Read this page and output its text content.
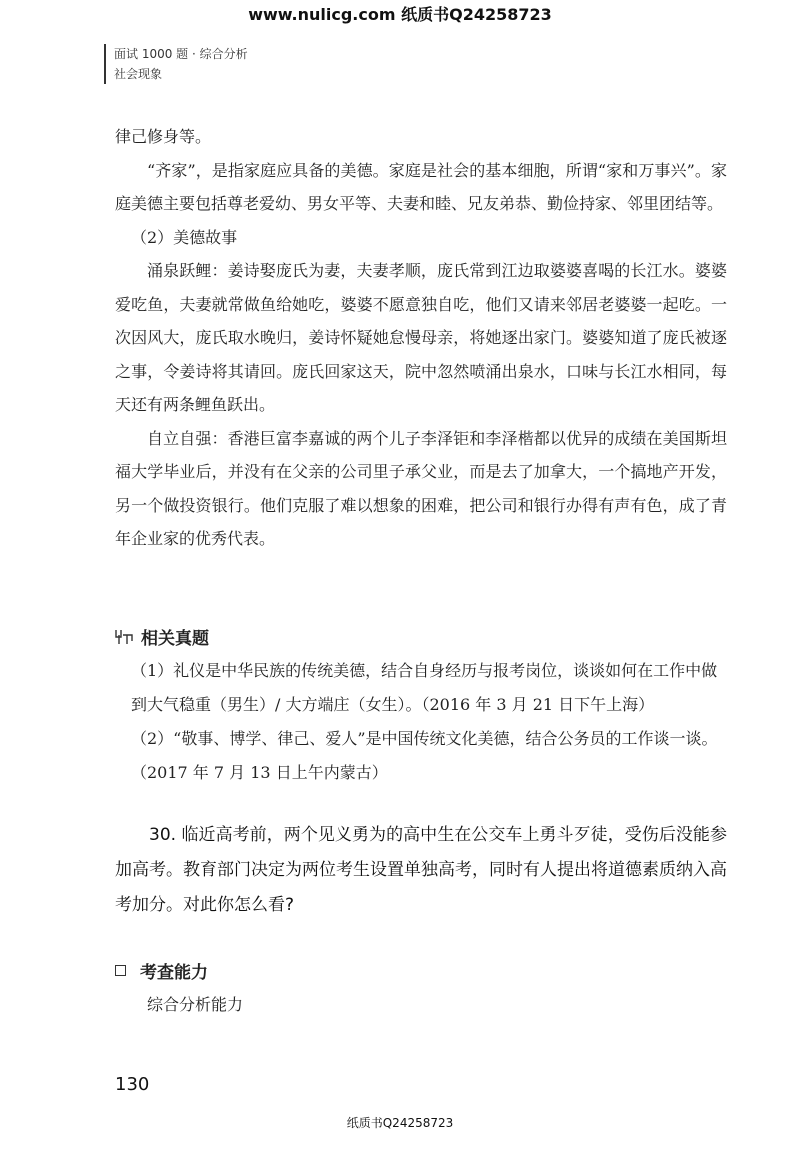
www.nulicg.com 纸质书Q24258723
面试 1000 题 · 综合分析
社会现象

律己修身等。

“齐家”，是指家庭应具备的美德。家庭是社会的基本细胞，所谓“家和万事兴”。家庭美德主要包括尊老爱幼、男女平等、夫妻和睦、兄友弟恭、勤俭持家、邻里团结等。

（2）美德故事

涌泉跃鲤：姜诗娶庞氏为妻，夫妻孝顺，庞氏常到江边取婆婆喜喝的长江水。婆婆爱吃鱼，夫妻就常做鱼给她吃，婆婆不愿意独自吃，他们又请来邻居老婆婆一起吃。一次因风大，庞氏取水晚归，姜诗怀疑她怠慢母亲，将她逐出家门。婆婆知道了庞氏被逐之事，令姜诗将其请回。庞氏回家这天，院中忽然喷涌出泉水，口味与长江水相同，每天还有两条鲤鱼跃出。

自立自强：香港巨富李嘉诚的两个儿子李泽钜和李泽楷都以优异的成绩在美国斯坦福大学毕业后，并没有在父亲的公司里子承父业，而是去了加拿大，一个搞地产开发，另一个做投资银行。他们克服了难以想象的困难，把公司和银行办得有声有色，成了青年企业家的优秀代表。

相关真题

（1）礼仪是中华民族的传统美德，结合自身经历与报考岗位，谈谈如何在工作中做到大气稳重（男生）/ 大方端庄（女生）。（2016 年 3 月 21 日下午上海）

（2）“敬事、博学、律己、爱人”是中国传统文化美德，结合公务员的工作谈一谈。（2017 年 7 月 13 日上午内蒙古）

30. 临近高考前，两个见义勇为的高中生在公交车上勇斗歹徒，受伤后没能参加高考。教育部门决定为两位考生设置单独高考，同时有人提出将道德素质纳入高考加分。对此你怎么看?

考查能力
综合分析能力
130
纸质书Q24258723
